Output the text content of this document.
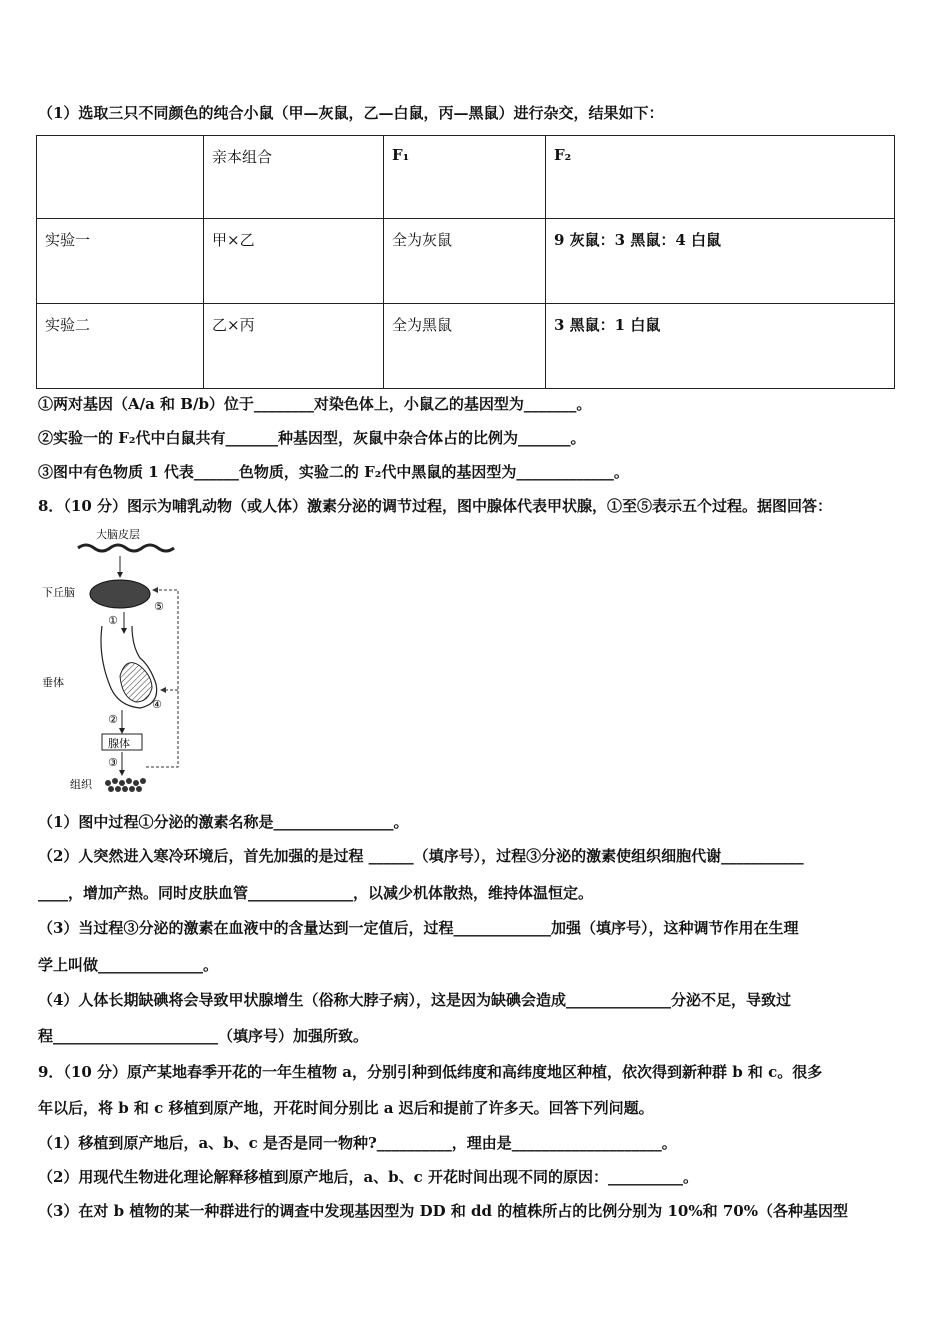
（1）选取三只不同颜色的纯合小鼠（甲—灰鼠，乙—白鼠，丙—黑鼠）进行杂交，结果如下：
	亲本组合	F₁	F₂
实验一	甲×乙	全为灰鼠	9 灰鼠：3 黑鼠：4 白鼠
实验二	乙×丙	全为黑鼠	3 黑鼠：1 白鼠
①两对基因（A/a 和 B/b）位于________对染色体上，小鼠乙的基因型为_______。
②实验一的 F₂代中白鼠共有_______种基因型，灰鼠中杂合体占的比例为_______。
③图中有色物质 1 代表______色物质，实验二的 F₂代中黑鼠的基因型为_____________。
8．（10 分）图示为哺乳动物（或人体）激素分泌的调节过程，图中腺体代表甲状腺，①至⑤表示五个过程。据图回答：
大脑皮层
下丘脑
①
垂体
②
腺体
③
组织
⑤
④
（1）图中过程①分泌的激素名称是________________。
（2）人突然进入寒冷环境后，首先加强的是过程 ______（填序号），过程③分泌的激素使组织细胞代谢___________
____，增加产热。同时皮肤血管______________，以减少机体散热，维持体温恒定。
（3）当过程③分泌的激素在血液中的含量达到一定值后，过程_____________加强（填序号），这种调节作用在生理
学上叫做______________。
（4）人体长期缺碘将会导致甲状腺增生（俗称大脖子病），这是因为缺碘会造成______________分泌不足，导致过
程______________________（填序号）加强所致。
9．（10 分）原产某地春季开花的一年生植物 a，分别引种到低纬度和高纬度地区种植，依次得到新种群 b 和 c。很多
年以后，将 b 和 c 移植到原产地，开花时间分别比 a 迟后和提前了许多天。回答下列问题。
（1）移植到原产地后，a、b、c 是否是同一物种?__________，理由是____________________。
（2）用现代生物进化理论解释移植到原产地后，a、b、c 开花时间出现不同的原因：__________。
（3）在对 b 植物的某一种群进行的调查中发现基因型为 DD 和 dd 的植株所占的比例分别为 10%和 70%（各种基因型
